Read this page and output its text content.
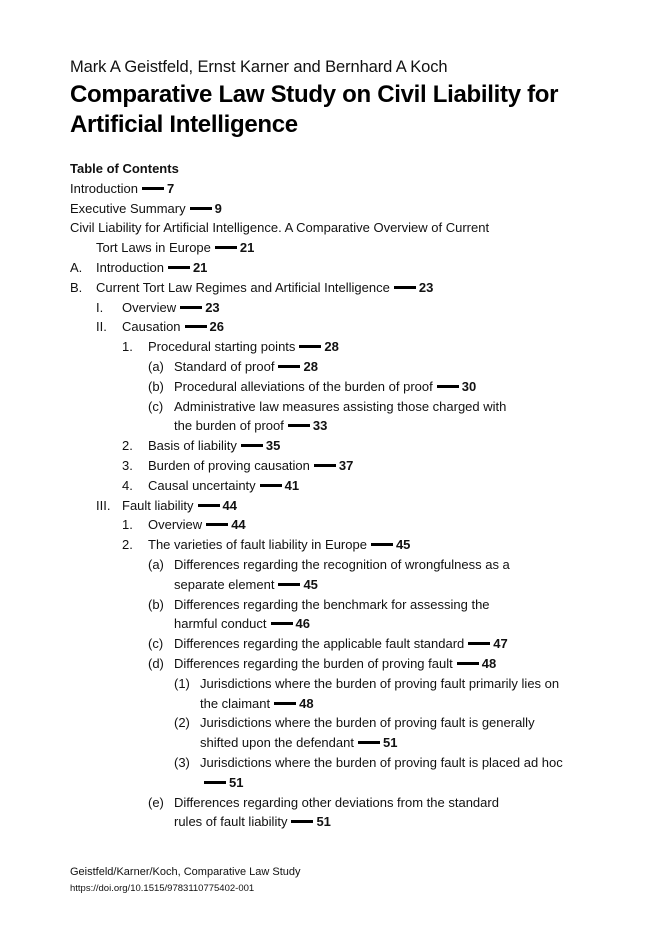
Mark A Geistfeld, Ernst Karner and Bernhard A Koch
Comparative Law Study on Civil Liability for Artificial Intelligence
Table of Contents
Introduction 7
Executive Summary 9
Civil Liability for Artificial Intelligence. A Comparative Overview of Current Tort Laws in Europe 21
A. Introduction 21
B. Current Tort Law Regimes and Artificial Intelligence 23
I. Overview 23
II. Causation 26
1. Procedural starting points 28
(a) Standard of proof 28
(b) Procedural alleviations of the burden of proof 30
(c) Administrative law measures assisting those charged with the burden of proof 33
2. Basis of liability 35
3. Burden of proving causation 37
4. Causal uncertainty 41
III. Fault liability 44
1. Overview 44
2. The varieties of fault liability in Europe 45
(a) Differences regarding the recognition of wrongfulness as a separate element 45
(b) Differences regarding the benchmark for assessing the harmful conduct 46
(c) Differences regarding the applicable fault standard 47
(d) Differences regarding the burden of proving fault 48
(1) Jurisdictions where the burden of proving fault primarily lies on the claimant 48
(2) Jurisdictions where the burden of proving fault is generally shifted upon the defendant 51
(3) Jurisdictions where the burden of proving fault is placed ad hoc51
(e) Differences regarding other deviations from the standard rules of fault liability 51
Geistfeld/Karner/Koch, Comparative Law Study
https://doi.org/10.1515/9783110775402-001
